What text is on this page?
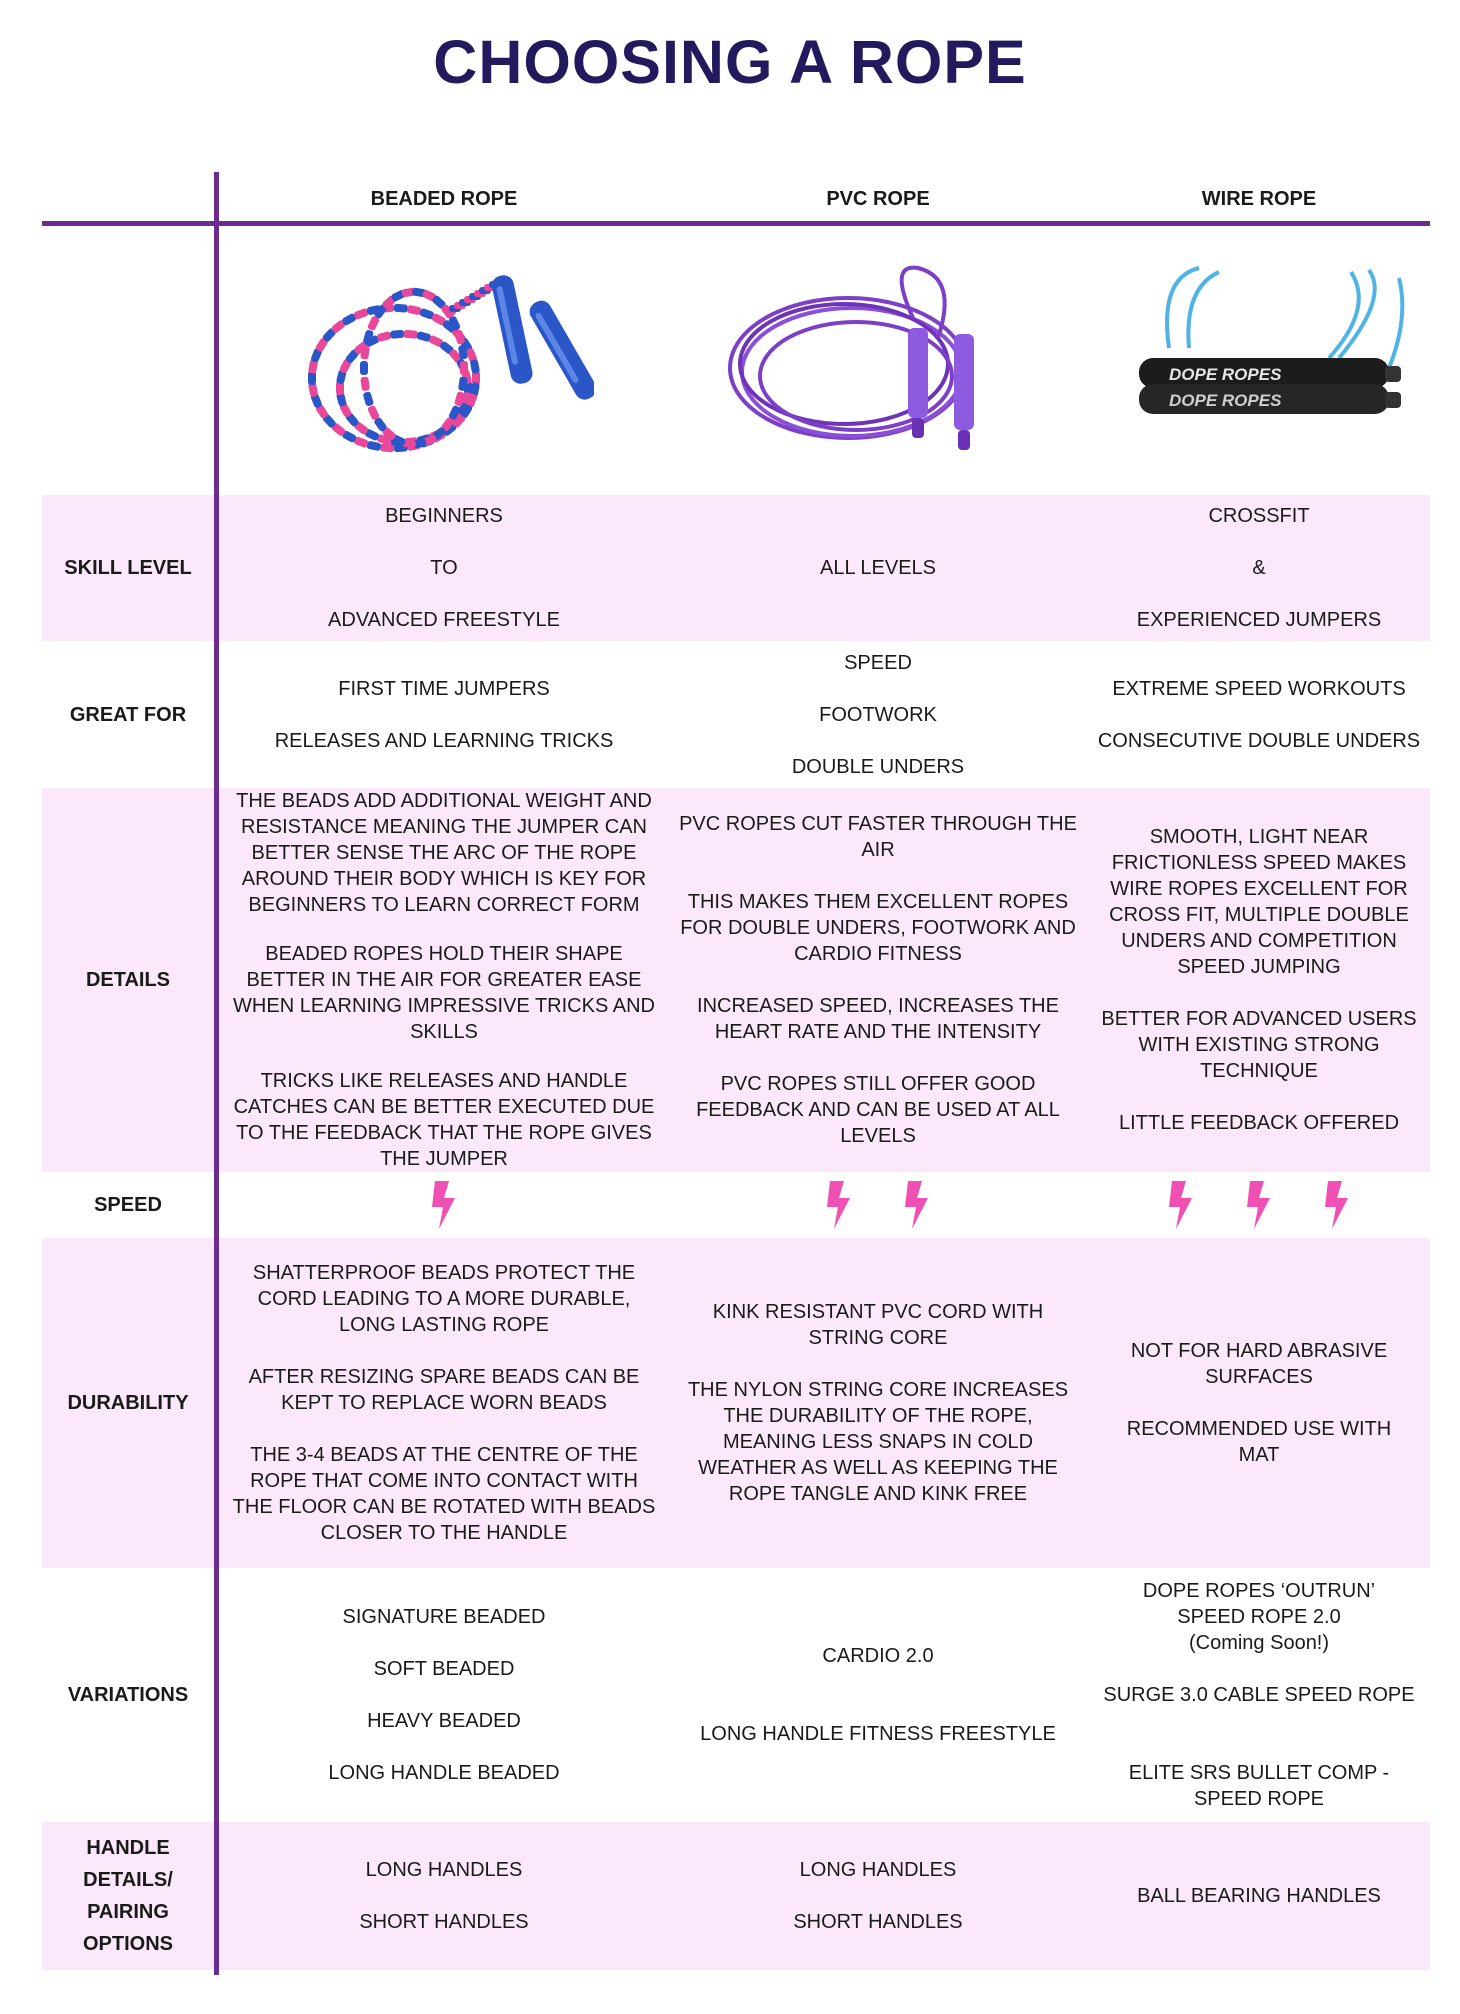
CHOOSING A ROPE
BEADED ROPE	PVC ROPE	WIRE ROPE
DOPE ROPES
DOPE ROPES
SKILL LEVEL
BEGINNERS
TO
ADVANCED FREESTYLE
ALL LEVELS
CROSSFIT
&
EXPERIENCED JUMPERS
GREAT FOR
FIRST TIME JUMPERS
RELEASES AND LEARNING TRICKS
SPEED
FOOTWORK
DOUBLE UNDERS
EXTREME SPEED WORKOUTS
CONSECUTIVE DOUBLE UNDERS
DETAILS
THE BEADS ADD ADDITIONAL WEIGHT AND RESISTANCE MEANING THE JUMPER CAN BETTER SENSE THE ARC OF THE ROPE AROUND THEIR BODY WHICH IS KEY FOR BEGINNERS TO LEARN CORRECT FORM
BEADED ROPES HOLD THEIR SHAPE BETTER IN THE AIR FOR GREATER EASE WHEN LEARNING IMPRESSIVE TRICKS AND SKILLS
TRICKS LIKE RELEASES AND HANDLE CATCHES CAN BE BETTER EXECUTED DUE TO THE FEEDBACK THAT THE ROPE GIVES THE JUMPER
PVC ROPES CUT FASTER THROUGH THE AIR
THIS MAKES THEM EXCELLENT ROPES FOR DOUBLE UNDERS, FOOTWORK AND CARDIO FITNESS
INCREASED SPEED, INCREASES THE HEART RATE AND THE INTENSITY
PVC ROPES STILL OFFER GOOD FEEDBACK AND CAN BE USED AT ALL LEVELS
SMOOTH, LIGHT NEAR FRICTIONLESS SPEED MAKES WIRE ROPES EXCELLENT FOR CROSS FIT, MULTIPLE DOUBLE UNDERS AND COMPETITION SPEED JUMPING
BETTER FOR ADVANCED USERS WITH EXISTING STRONG TECHNIQUE
LITTLE FEEDBACK OFFERED
SPEED
DURABILITY
SHATTERPROOF BEADS PROTECT THE CORD LEADING TO A MORE DURABLE, LONG LASTING ROPE
AFTER RESIZING SPARE BEADS CAN BE KEPT TO REPLACE WORN BEADS
THE 3-4 BEADS AT THE CENTRE OF THE ROPE THAT COME INTO CONTACT WITH THE FLOOR CAN BE ROTATED WITH BEADS CLOSER TO THE HANDLE
KINK RESISTANT PVC CORD WITH STRING CORE
THE NYLON STRING CORE INCREASES THE DURABILITY OF THE ROPE, MEANING LESS SNAPS IN COLD WEATHER AS WELL AS KEEPING THE ROPE TANGLE AND KINK FREE
NOT FOR HARD ABRASIVE SURFACES
RECOMMENDED USE WITH MAT
VARIATIONS
SIGNATURE BEADED
SOFT BEADED
HEAVY BEADED
LONG HANDLE BEADED
CARDIO 2.0
LONG HANDLE FITNESS FREESTYLE
DOPE ROPES ‘OUTRUN’
SPEED ROPE 2.0
(Coming Soon!)
SURGE 3.0 CABLE SPEED ROPE
ELITE SRS BULLET COMP - SPEED ROPE
HANDLE
DETAILS/
PAIRING
OPTIONS
LONG HANDLES
SHORT HANDLES
LONG HANDLES
SHORT HANDLES
BALL BEARING HANDLES
